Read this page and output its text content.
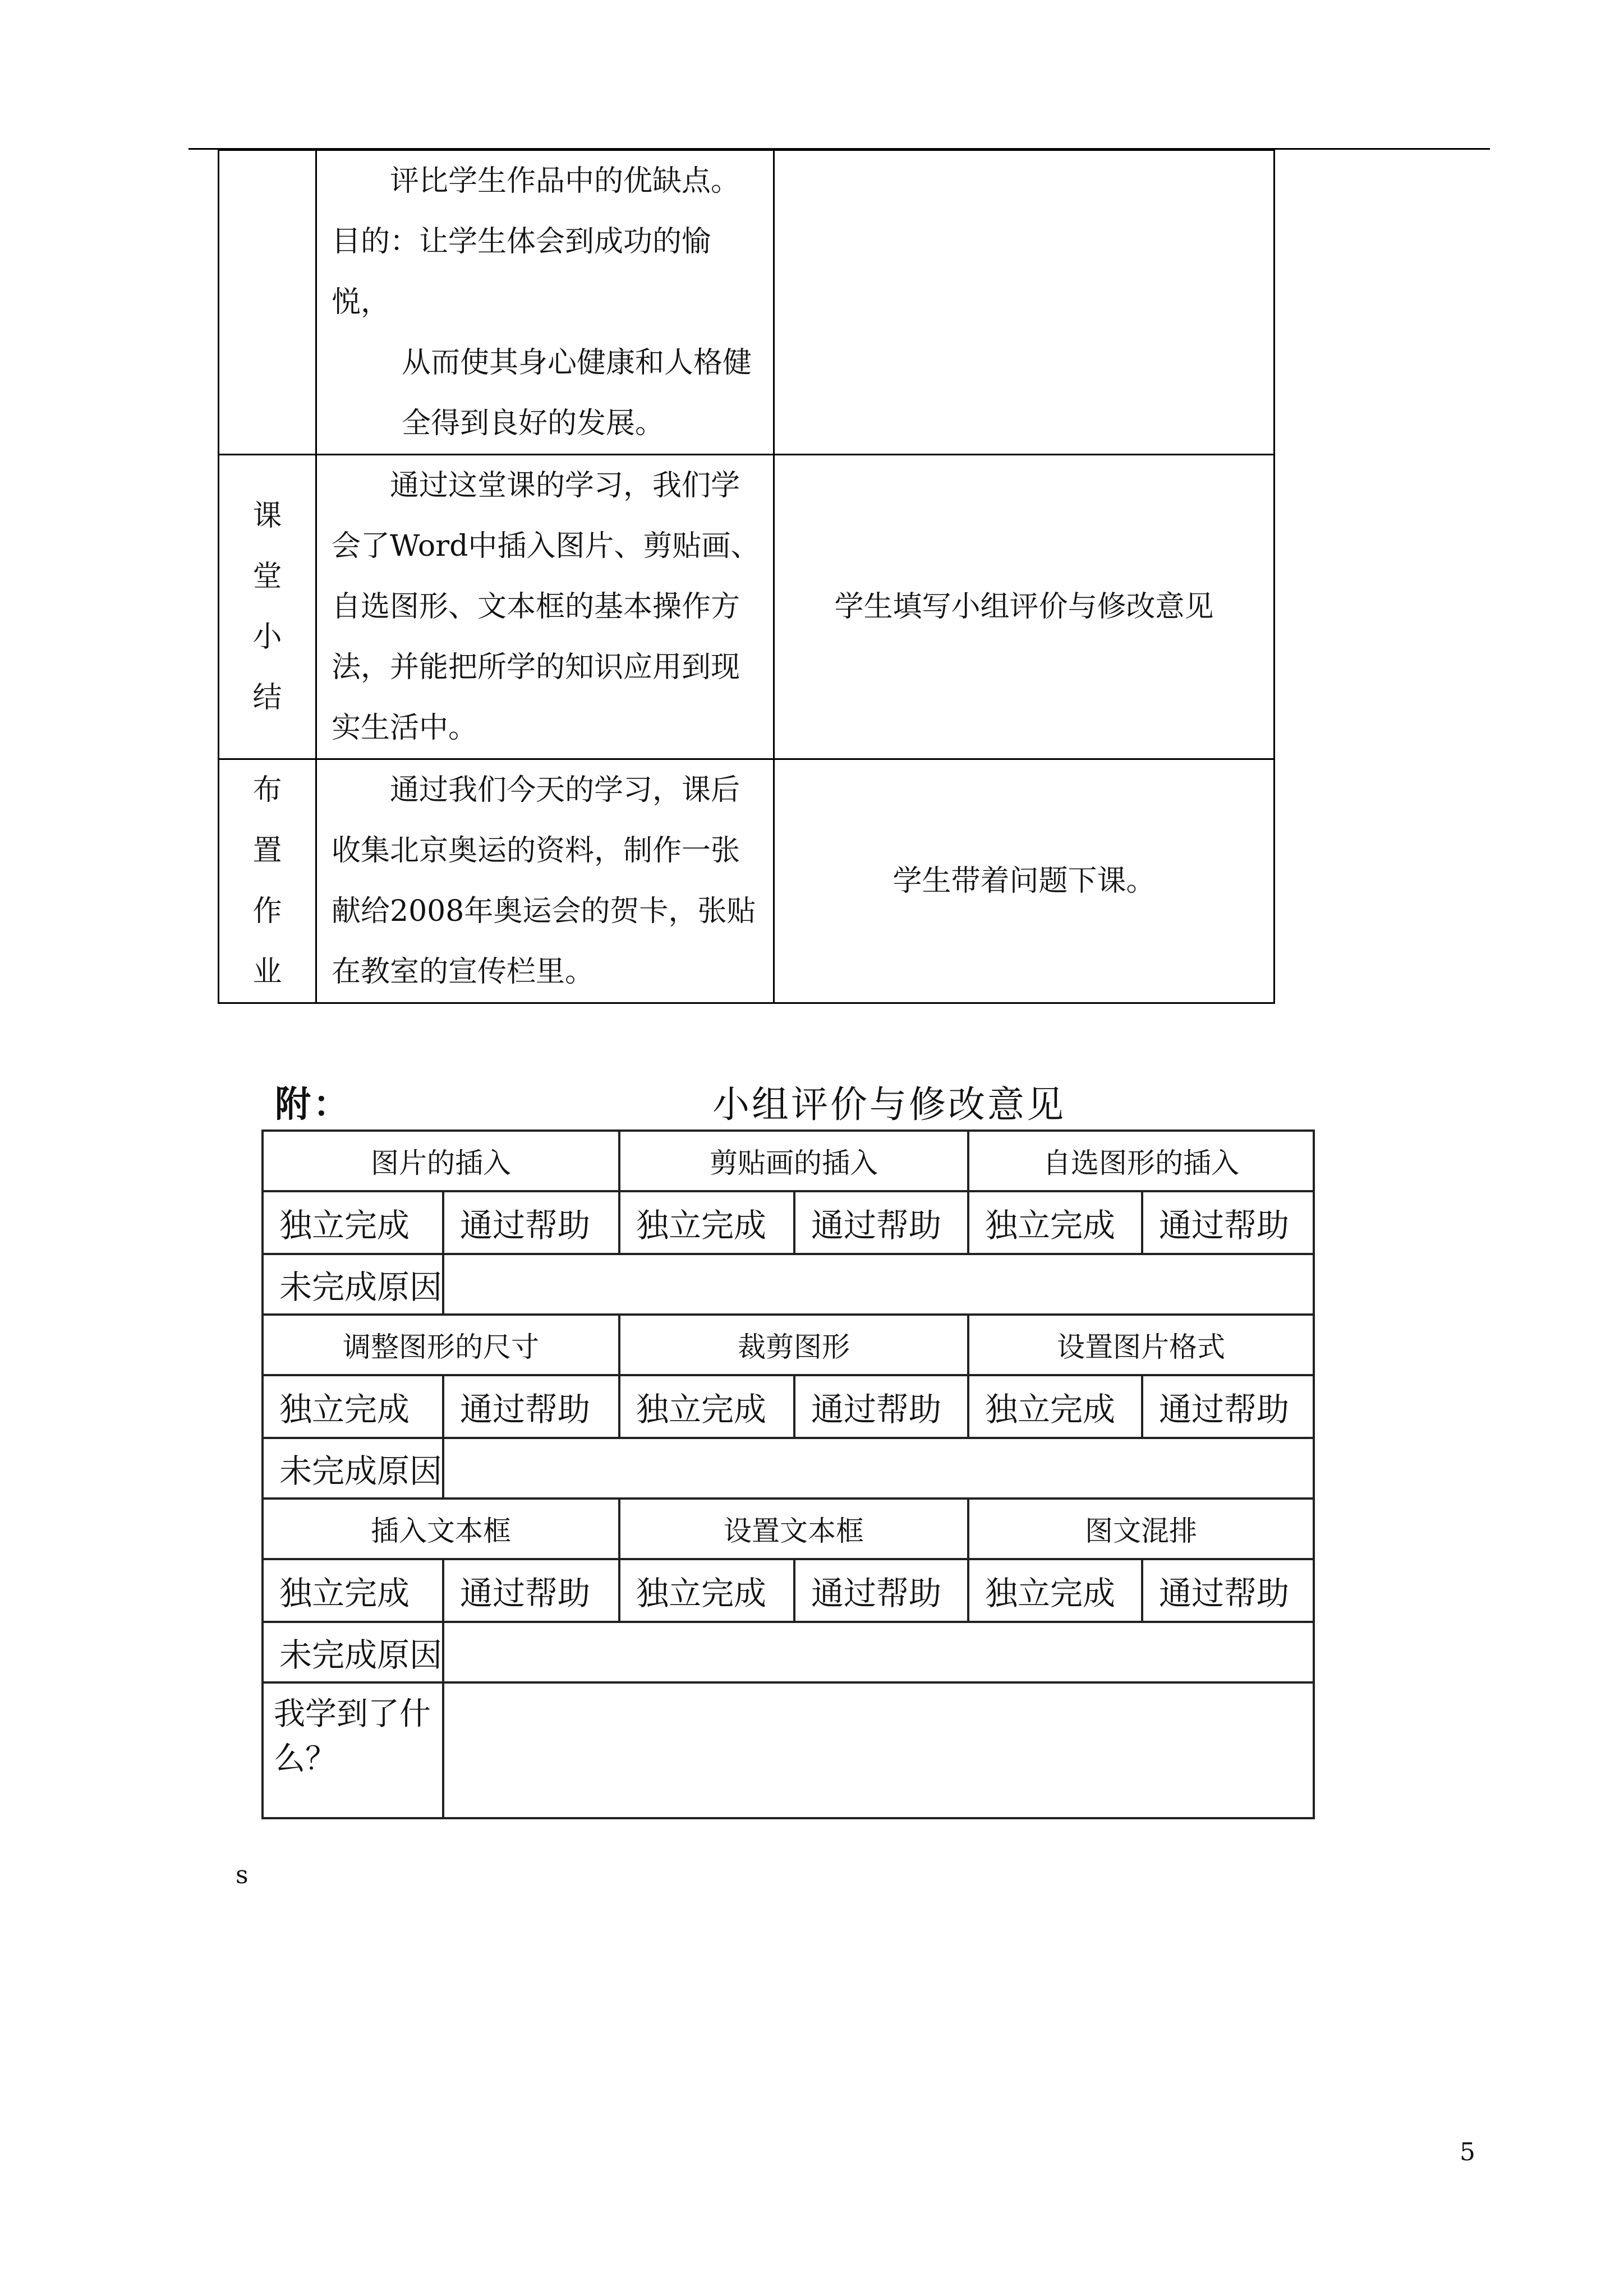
	评比学生作品中的优缺点。

目的：让学生体会到成功的愉悦，

从而使其身心健康和人格健

全得到良好的发展。	

课
堂
小
结	通过这堂课的学习，我们学会了Word中插入图片、剪贴画、自选图形、文本框的基本操作方法，并能把所学的知识应用到现实生活中。	学生填写小组评价与修改意见

布
置
作
业	通过我们今天的学习，课后收集北京奥运的资料，制作一张献给2008年奥运会的贺卡，张贴在教室的宣传栏里。	学生带着问题下课。
附：	小组评价与修改意见
图片的插入		剪贴画的插入		自选图形的插入	
独立完成	通过帮助	独立完成	通过帮助	独立完成	通过帮助
未完成原因					
调整图形的尺寸		裁剪图形		设置图片格式	
独立完成	通过帮助	独立完成	通过帮助	独立完成	通过帮助
未完成原因					
插入文本框		设置文本框		图文混排	
独立完成	通过帮助	独立完成	通过帮助	独立完成	通过帮助
未完成原因					
我学到了什么？					
s
5
